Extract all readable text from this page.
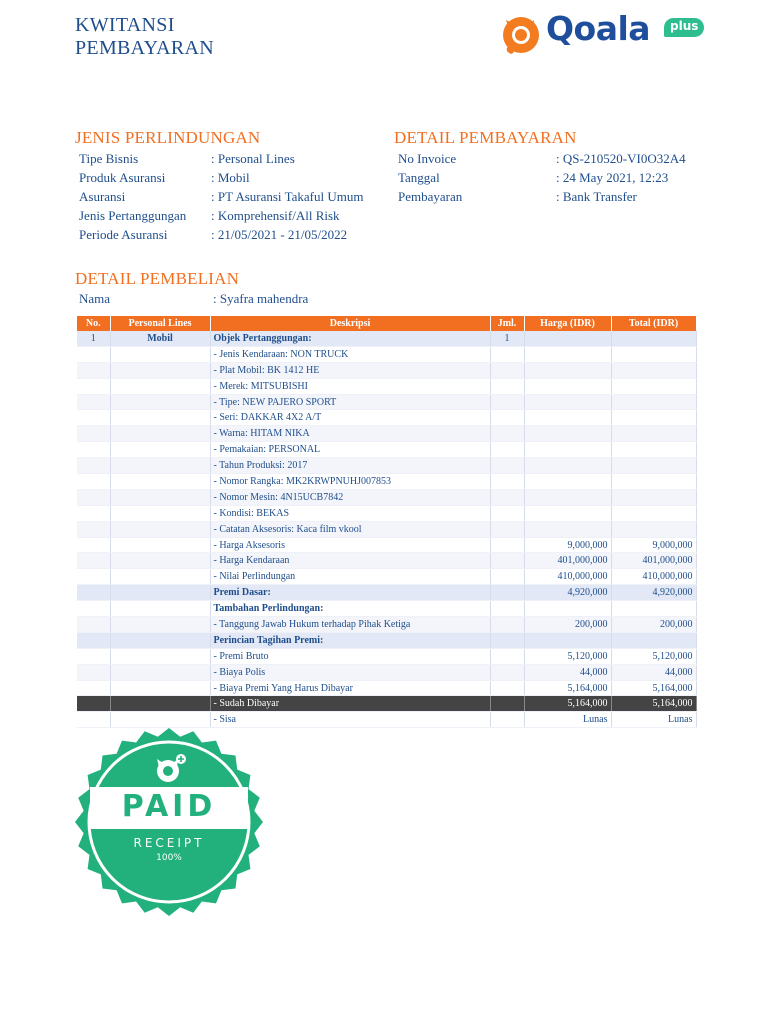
KWITANSI
PEMBAYARAN	Qoala	plus
JENIS PERLINDUNGAN
Tipe Bisnis	: Personal Lines
Produk Asuransi	: Mobil
Asuransi	: PT Asuransi Takaful Umum
Jenis Pertanggungan	: Komprehensif/All Risk
Periode Asuransi	: 21/05/2021 - 21/05/2022
DETAIL PEMBAYARAN
No Invoice	: QS-210520-VI0O32A4
Tanggal	: 24 May 2021, 12:23
Pembayaran	: Bank Transfer
DETAIL PEMBELIAN
Nama	: Syafra mahendra
No.	Personal Lines	Deskripsi	Jml.	Harga (IDR)	Total (IDR)
1	Mobil	Objek Pertanggungan:	1		
		- Jenis Kendaraan: NON TRUCK			
		- Plat Mobil: BK 1412 HE			
		- Merek: MITSUBISHI			
		- Tipe: NEW PAJERO SPORT			
		- Seri: DAKKAR 4X2 A/T			
		- Warna: HITAM NIKA			
		- Pemakaian: PERSONAL			
		- Tahun Produksi: 2017			
		- Nomor Rangka: MK2KRWPNUHJ007853			
		- Nomor Mesin: 4N15UCB7842			
		- Kondisi: BEKAS			
		- Catatan Aksesoris: Kaca film vkool			
		- Harga Aksesoris		9,000,000	9,000,000
		- Harga Kendaraan		401,000,000	401,000,000
		- Nilai Perlindungan		410,000,000	410,000,000
		Premi Dasar:		4,920,000	4,920,000
		Tambahan Perlindungan:			
		- Tanggung Jawab Hukum terhadap Pihak Ketiga		200,000	200,000
		Perincian Tagihan Premi:			
		- Premi Bruto		5,120,000	5,120,000
		- Biaya Polis		44,000	44,000
		- Biaya Premi Yang Harus Dibayar		5,164,000	5,164,000
		- Sudah Dibayar		5,164,000	5,164,000
		- Sisa		Lunas	Lunas
PAID
RECEIPT
100%
